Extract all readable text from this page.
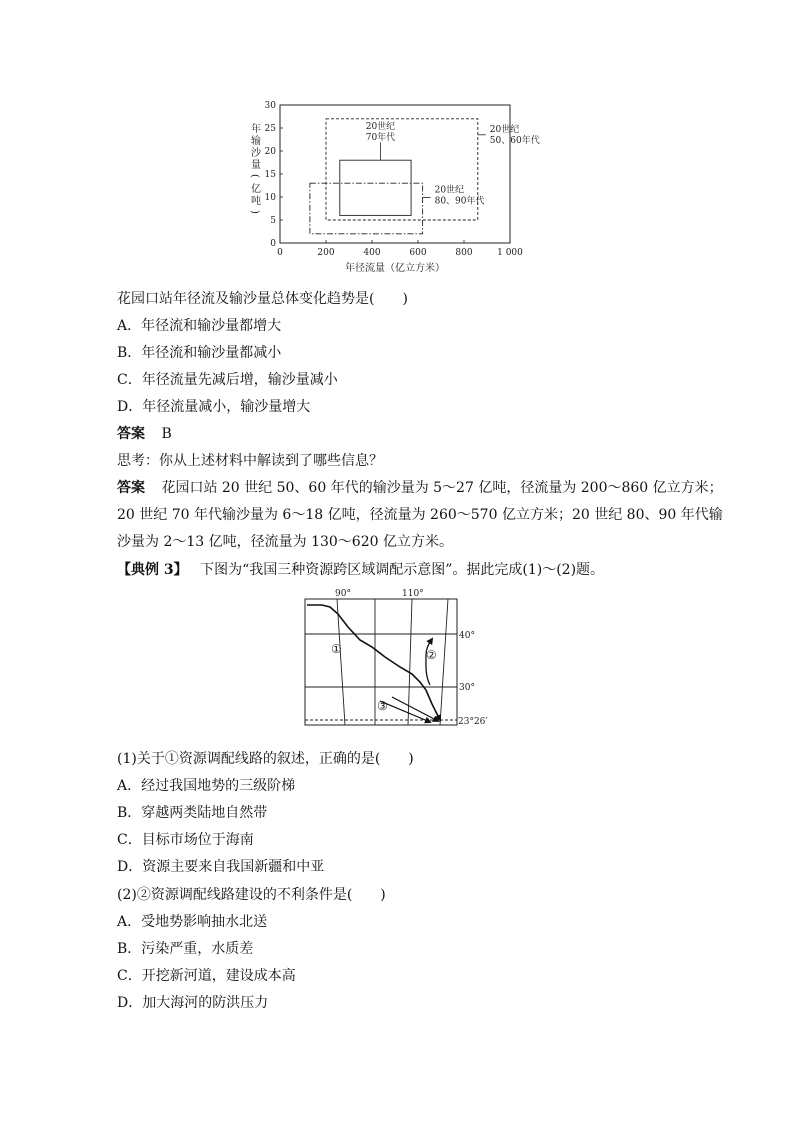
年
输
沙
量
(
亿
吨
)
0
5
10
15
20
25
30
0	200	400	600	800	1 000
20世纪
50、60年代
20世纪
70年代
20世纪
80、90年代
年径流量（亿立方米）
花园口站年径流及输沙量总体变化趋势是(　　)
A．年径流和输沙量都增大
B．年径流和输沙量都减小
C．年径流量先减后增，输沙量减小
D．年径流量减小，输沙量增大
答案 B
思考：你从上述材料中解读到了哪些信息？
答案 花园口站 20 世纪 50、60 年代的输沙量为 5～27 亿吨，径流量为 200～860 亿立方米；
20 世纪 70 年代输沙量为 6～18 亿吨，径流量为 260～570 亿立方米；20 世纪 80、90 年代输
沙量为 2～13 亿吨，径流量为 130～620 亿立方米。
【典例 3】 下图为“我国三种资源跨区域调配示意图”。据此完成(1)～(2)题。
90°	110°
40°
30°
23°26′
①	②
③
(1)关于①资源调配线路的叙述，正确的是(　　)
A．经过我国地势的三级阶梯
B．穿越两类陆地自然带
C．目标市场位于海南
D．资源主要来自我国新疆和中亚
(2)②资源调配线路建设的不利条件是(　　)
A．受地势影响抽水北送
B．污染严重，水质差
C．开挖新河道，建设成本高
D．加大海河的防洪压力
